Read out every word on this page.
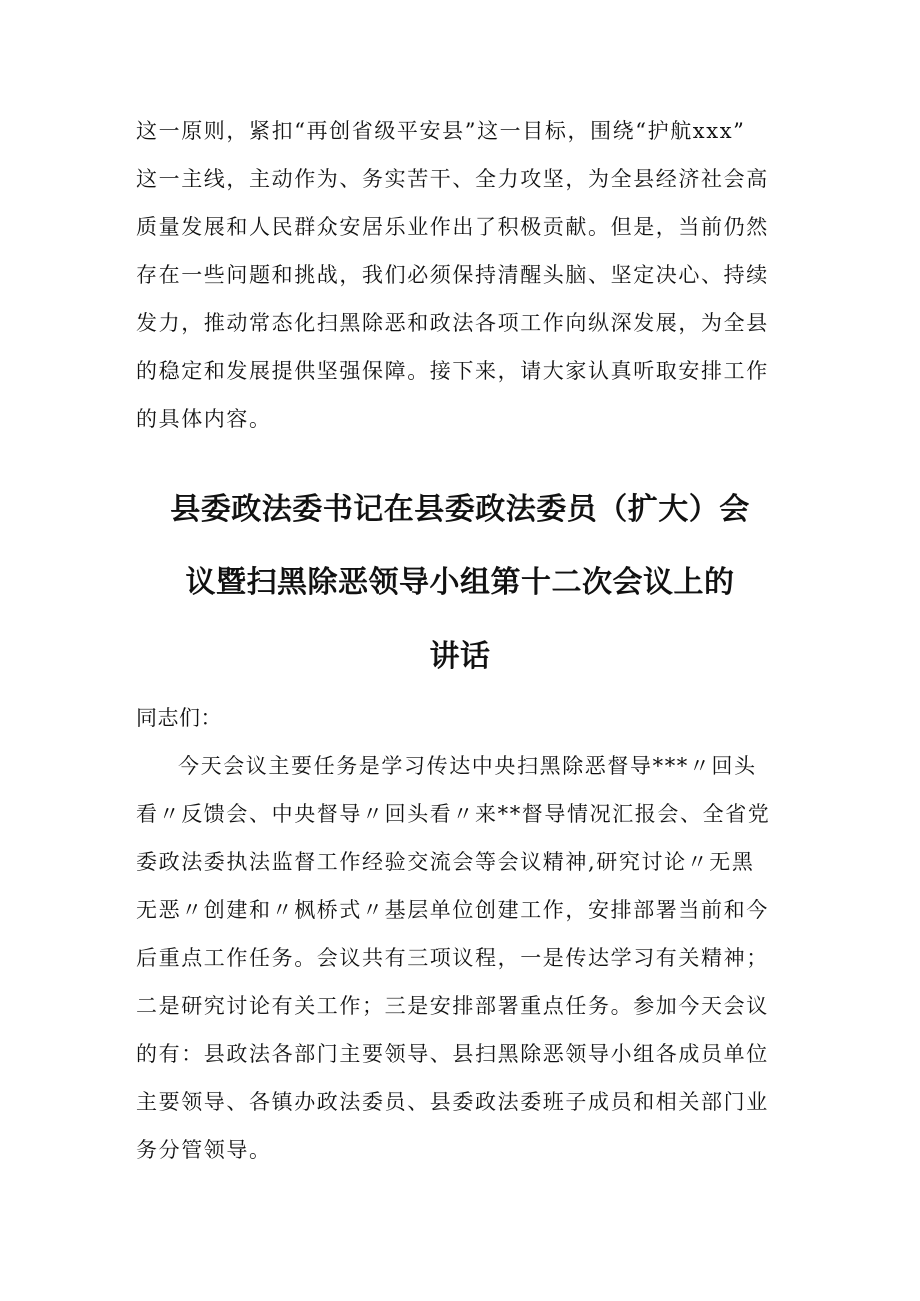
这一原则，紧扣“再创省级平安县”这一目标，围绕“护航xxx”
这一主线，主动作为、务实苦干、全力攻坚，为全县经济社会高
质量发展和人民群众安居乐业作出了积极贡献。但是，当前仍然
存在一些问题和挑战，我们必须保持清醒头脑、坚定决心、持续
发力，推动常态化扫黑除恶和政法各项工作向纵深发展，为全县
的稳定和发展提供坚强保障。接下来，请大家认真听取安排工作
的具体内容。
县委政法委书记在县委政法委员（扩大）会
议暨扫黑除恶领导小组第十二次会议上的
讲话
同志们：
今天会议主要任务是学习传达中央扫黑除恶督导***〃回头
看〃反馈会、中央督导〃回头看〃来**督导情况汇报会、全省党
委政法委执法监督工作经验交流会等会议精神,研究讨论〃无黑
无恶〃创建和〃枫桥式〃基层单位创建工作，安排部署当前和今
后重点工作任务。会议共有三项议程，一是传达学习有关精神；
二是研究讨论有关工作；三是安排部署重点任务。参加今天会议
的有：县政法各部门主要领导、县扫黑除恶领导小组各成员单位
主要领导、各镇办政法委员、县委政法委班子成员和相关部门业
务分管领导。
